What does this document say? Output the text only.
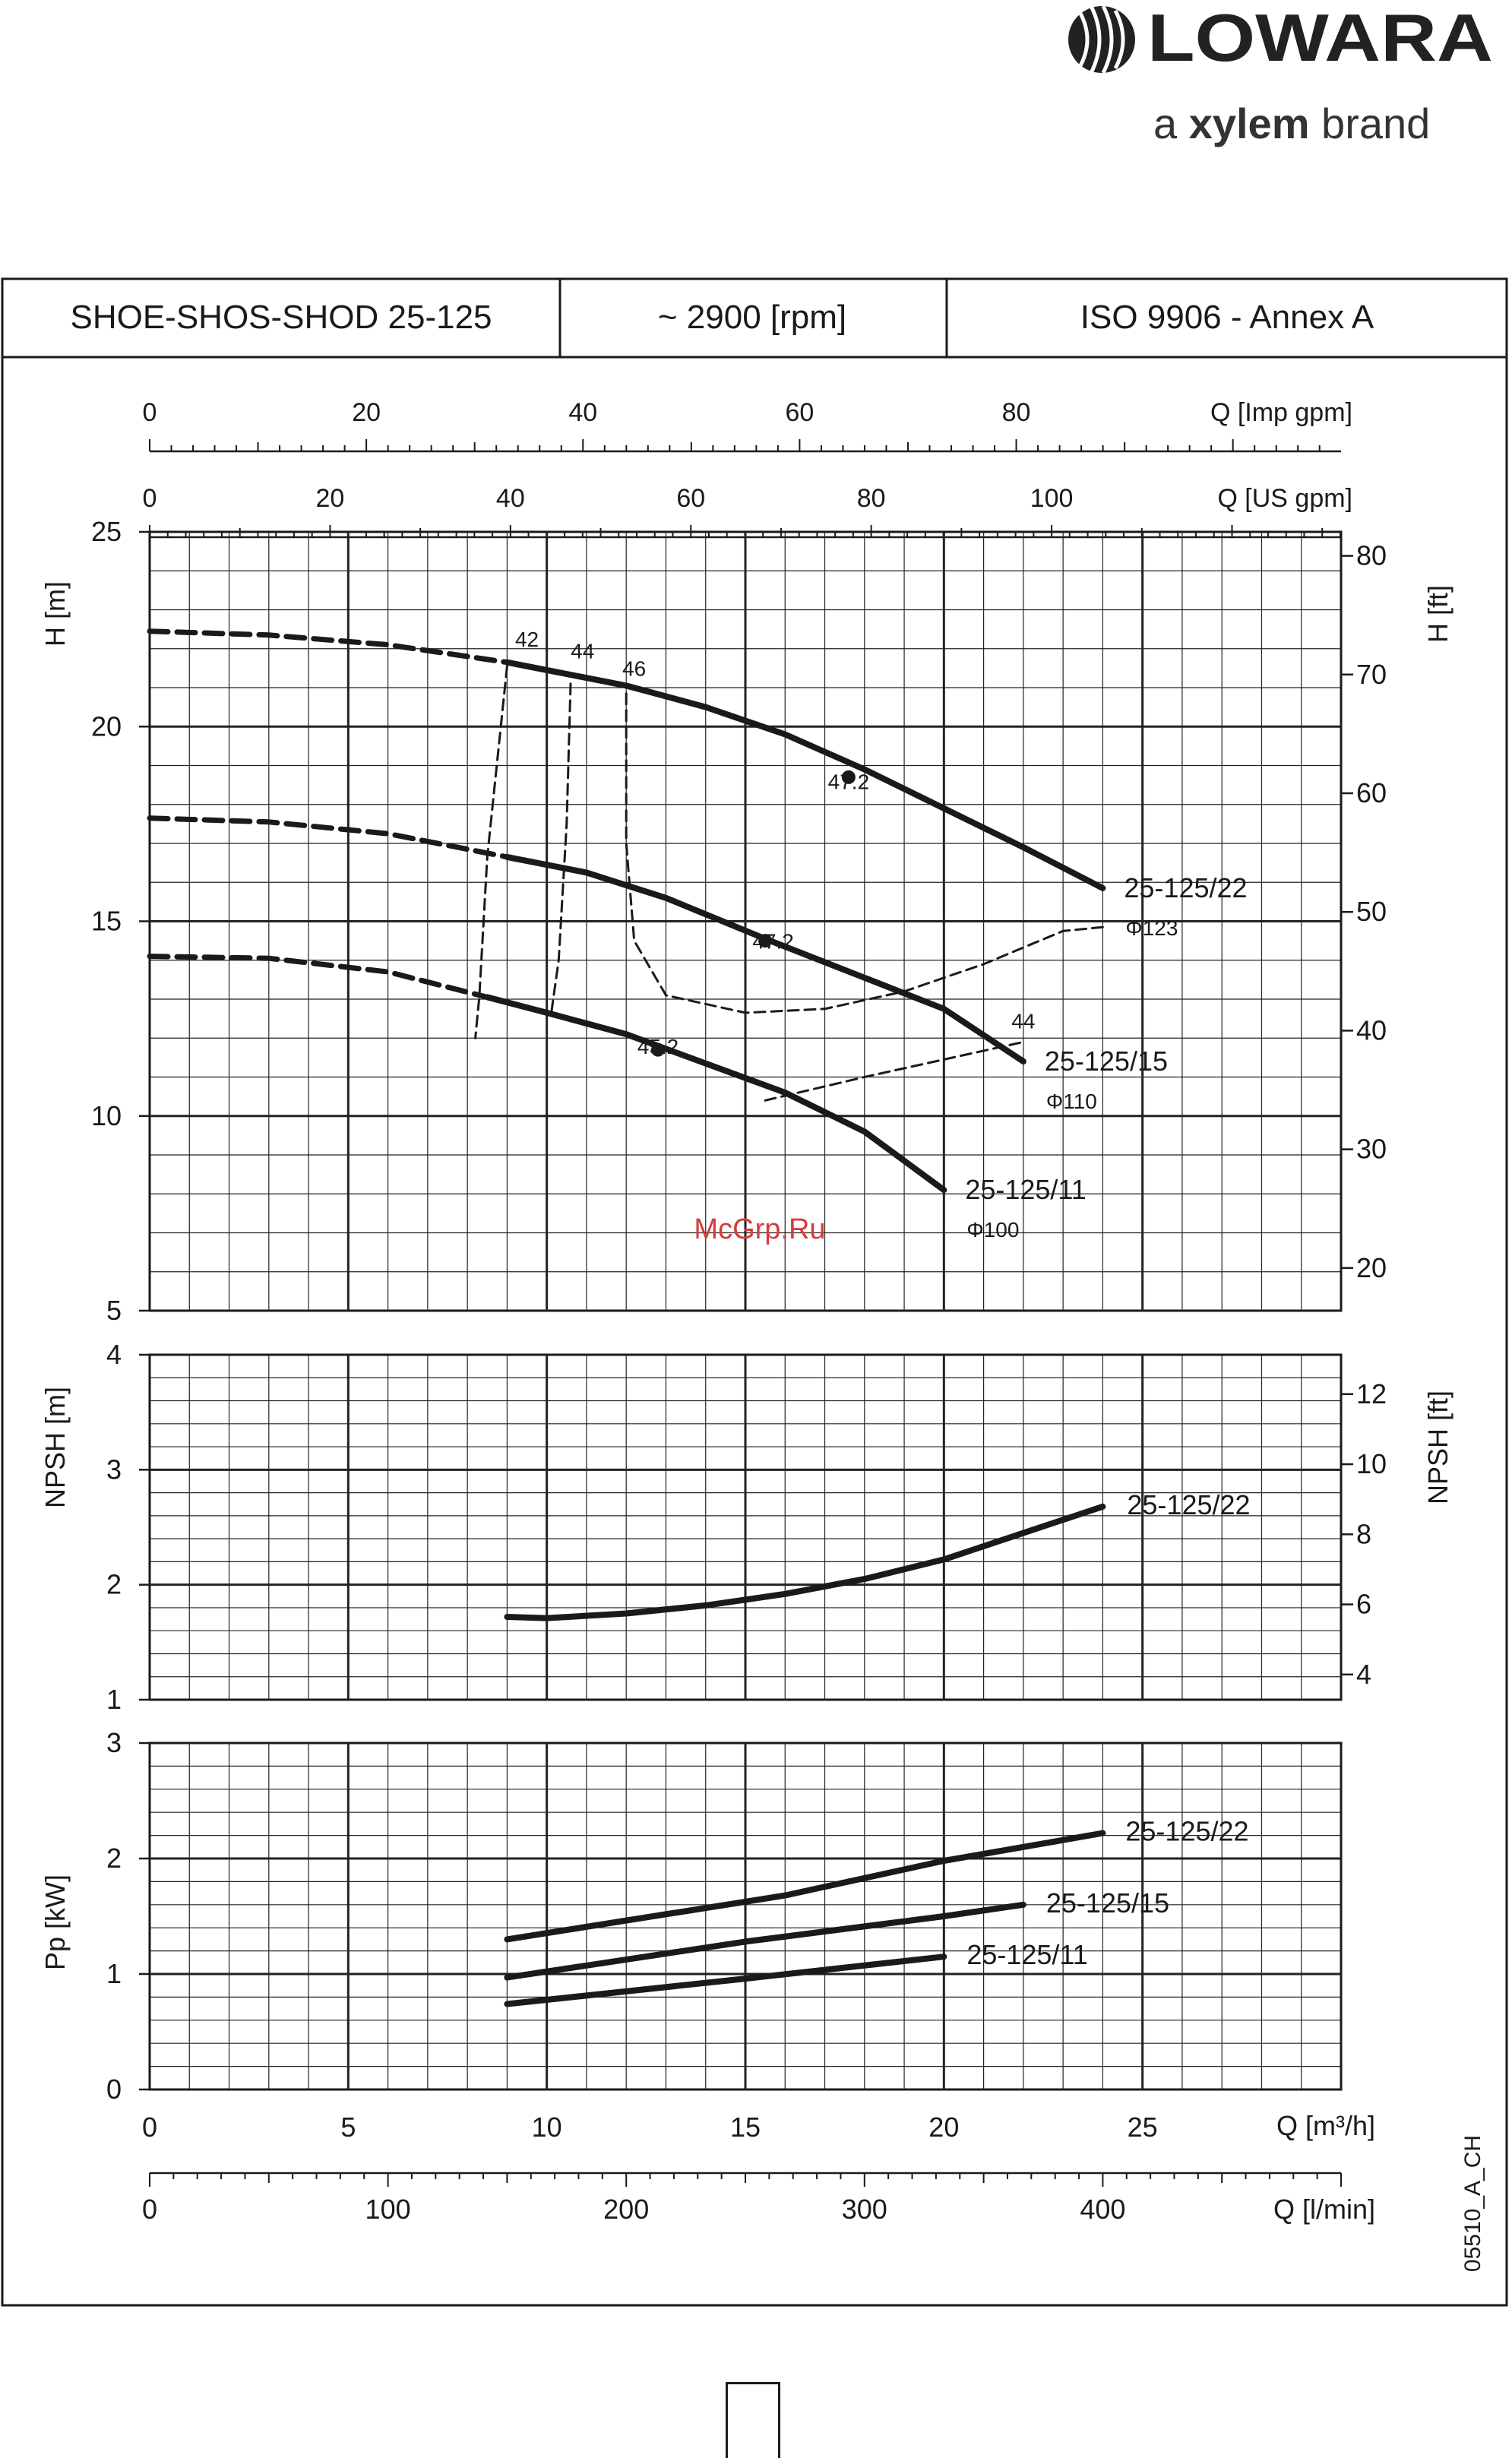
LOWARA
a xylem brand
SHOE-SHOS-SHOD 25-125	~ 2900 [rpm]	ISO 9906 - Annex A
0	20	40	60	80	Q [Imp gpm]
0	20	40	60	80	100	Q [US gpm]
5
10
15
20
25
20
30
40
50
60
70
80
H [m]	H [ft]
25-125/22
Φ123
25-125/15
Φ110
25-125/11
Φ100
42 44
46
47.2
47.2
45.2
44
1
2
3
4
4
6
8
10
12
NPSH [m]	NPSH [ft]
25-125/22
0
1
2
3
Pp [kW]
25-125/22
25-125/15
25-125/11
0	5	10	15	20	25	Q [m³/h]
0	100	200	300	400	Q [l/min]
McGrp.Ru
05510_A_CH
